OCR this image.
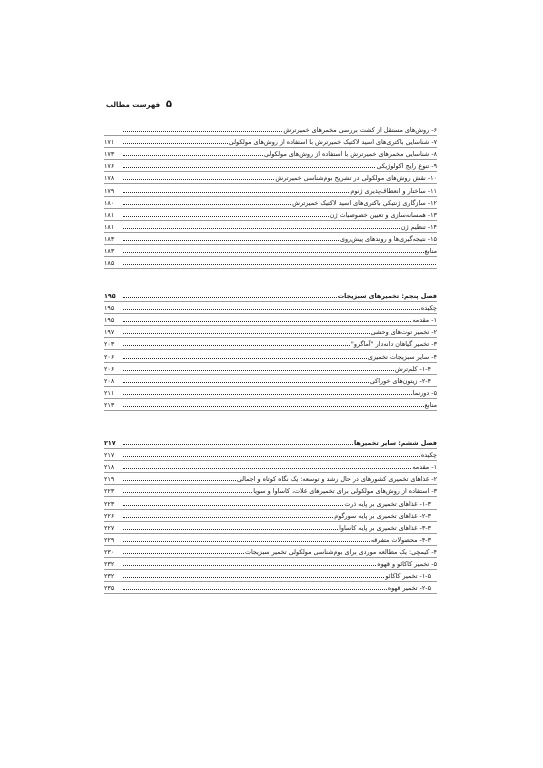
فهرست مطالب ۵
۶- روش‌های مستقل از کشت بررسی مخمرهای خمیرترش
۷- شناسایی باکتری‌های اسید لاکتیک خمیرترش با استفاده از روش‌های مولکولی
۱۷۱
۸- شناسایی مخمرهای خمیرترش با استفاده از روش‌های مولکولی
۱۷۳
۹- تنوع رایج اکولوژیکی
۱۷۶
۱۰- نقش روش‌های مولکولی در تشریح بوم‌شناسی خمیرترش
۱۷۸
۱۱- ساختار و انعطاف‌پذیری ژنوم
۱۷۹
۱۲- سازگاری ژنتیکی باکتری‌های اسید لاکتیک خمیرترش
۱۸۰
۱۳- همسانه‌سازی و تعیین خصوصیات ژن
۱۸۱
۱۴- تنظیم ژن
۱۸۱
۱۵- نتیجه‌گیری‌ها و روندهای پیش‌روی
۱۸۳
منابع
۱۸۳
۱۸۵
فصل پنجم: تخمیرهای سبزیجات
۱۹۵
چکیده
۱۹۵
۱- مقدمه
۱۹۵
۲- تخمیر توت‌های وحشی
۱۹۷
۳- تخمیر گیاهان دانه‌دار "آماگرو"
۲۰۳
۴- سایر سبزیجات تخمیری
۲۰۶
۱-۴- کلم‌ترش
۲۰۶
۲-۴- زیتون‌های خوراکی
۲۰۸
۵- دورنما
۲۱۱
منابع
۲۱۳
فصل ششم: سایر تخمیرها
۲۱۷
چکیده
۲۱۷
۱- مقدمه
۲۱۸
۲- غذاهای تخمیری کشورهای در حال رشد و توسعه: یک نگاه کوتاه و اجمالی
۲۱۹
۳- استفاده از روش‌های مولکولی برای تخمیرهای غلات، کاساوا و سویا
۲۲۳
۱-۳- غذاهای تخمیری بر پایه ذرت
۲۲۳
۲-۳- غذاهای تخمیری بر پایه سورگوم
۲۲۶
۳-۳- غذاهای تخمیری بر پایه کاساوا
۲۲۷
۴-۳- محصولات متفرقه
۲۲۹
۴- کیمچی: یک مطالعه موردی برای بوم‌شناسی مولکولی تخمیر سبزیجات
۲۳۰
۵- تخمیر کاکائو و قهوه
۲۳۲
۱-۵- تخمیر کاکائو
۲۳۲
۲-۵- تخمیر قهوه
۲۳۵
